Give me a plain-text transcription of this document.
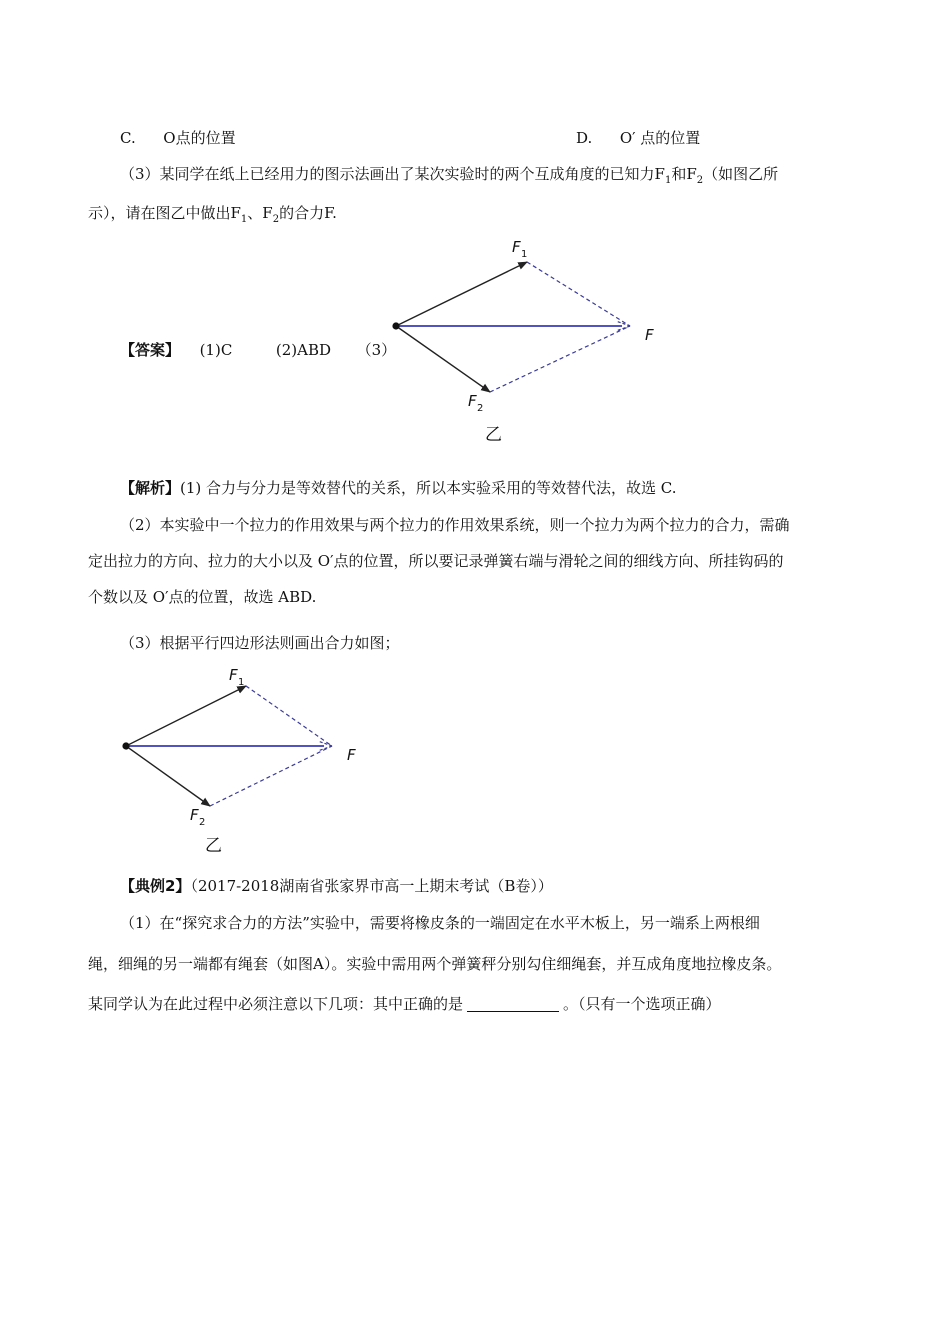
C. O点的位置	D. O′ 点的位置
（3）某同学在纸上已经用力的图示法画出了某次实验时的两个互成角度的已知力$F_1$和$F_2$（如图乙所
示），请在图乙中做出$F_1$、$F_2$的合力F.
【答案】 (1)C	(2)ABD （3）
F 1
F 2
F
乙
【解析】(1) 合力与分力是等效替代的关系，所以本实验采用的等效替代法，故选 C.
（2）本实验中一个拉力的作用效果与两个拉力的作用效果系统，则一个拉力为两个拉力的合力，需确
定出拉力的方向、拉力的大小以及 O′点的位置，所以要记录弹簧右端与滑轮之间的细线方向、所挂钩码的
个数以及 O′点的位置，故选 ABD.
（3）根据平行四边形法则画出合力如图；
F 1
F 2
F
乙
【典例2】（2017-2018湖南省张家界市高一上期末考试（B卷））
（1）在“探究求合力的方法”实验中，需要将橡皮条的一端固定在水平木板上，另一端系上两根细
绳，细绳的另一端都有绳套（如图A）。实验中需用两个弹簧秤分别勾住细绳套，并互成角度地拉橡皮条。
某同学认为在此过程中必须注意以下几项：其中正确的是	。（只有一个选项正确）
